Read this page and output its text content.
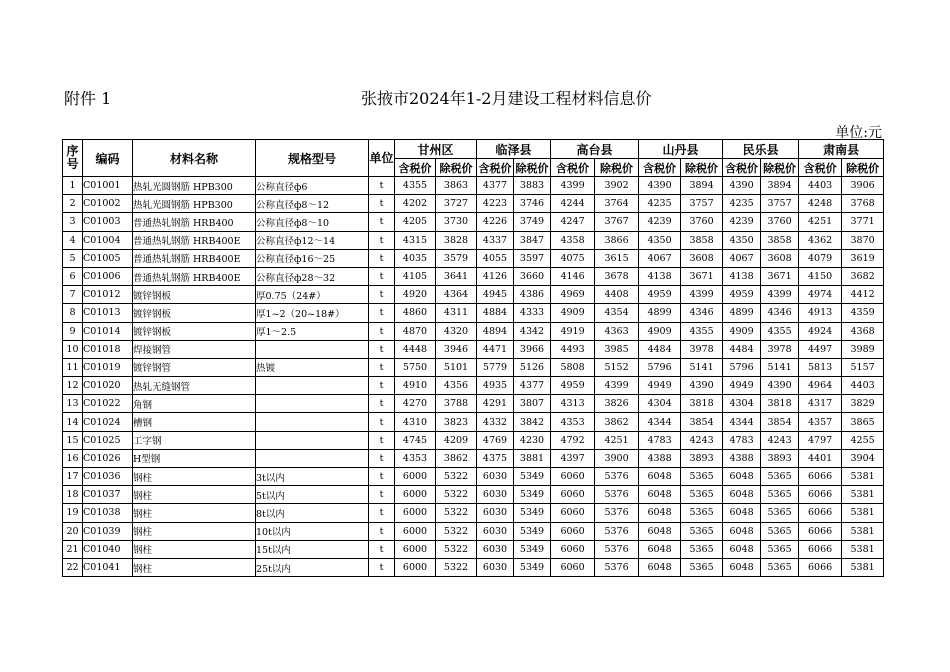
附件 1	张掖市2024年1-2月建设工程材料信息价
单位:元
序号	编码	材料名称	规格型号	单位	甘州区		临泽县		高台县		山丹县		民乐县		肃南县	
					含税价	除税价	含税价	除税价	含税价	除税价	含税价	除税价	含税价	除税价	含税价	除税价
1	C01001	热轧光圆钢筋 HPB300	公称直径ф6	t	4355	3863	4377	3883	4399	3902	4390	3894	4390	3894	4403	3906
2	C01002	热轧光圆钢筋 HPB300	公称直径ф8～12	t	4202	3727	4223	3746	4244	3764	4235	3757	4235	3757	4248	3768
3	C01003	普通热轧钢筋 HRB400	公称直径ф8～10	t	4205	3730	4226	3749	4247	3767	4239	3760	4239	3760	4251	3771
4	C01004	普通热轧钢筋 HRB400E	公称直径ф12～14	t	4315	3828	4337	3847	4358	3866	4350	3858	4350	3858	4362	3870
5	C01005	普通热轧钢筋 HRB400E	公称直径ф16～25	t	4035	3579	4055	3597	4075	3615	4067	3608	4067	3608	4079	3619
6	C01006	普通热轧钢筋 HRB400E	公称直径ф28～32	t	4105	3641	4126	3660	4146	3678	4138	3671	4138	3671	4150	3682
7	C01012	镀锌钢板	厚0.75（24#）	t	4920	4364	4945	4386	4969	4408	4959	4399	4959	4399	4974	4412
8	C01013	镀锌钢板	厚1~2（20~18#）	t	4860	4311	4884	4333	4909	4354	4899	4346	4899	4346	4913	4359
9	C01014	镀锌钢板	厚1～2.5	t	4870	4320	4894	4342	4919	4363	4909	4355	4909	4355	4924	4368
10	C01018	焊接钢管		t	4448	3946	4471	3966	4493	3985	4484	3978	4484	3978	4497	3989
11	C01019	镀锌钢管	热镀	t	5750	5101	5779	5126	5808	5152	5796	5141	5796	5141	5813	5157
12	C01020	热轧无缝钢管		t	4910	4356	4935	4377	4959	4399	4949	4390	4949	4390	4964	4403
13	C01022	角钢		t	4270	3788	4291	3807	4313	3826	4304	3818	4304	3818	4317	3829
14	C01024	槽钢		t	4310	3823	4332	3842	4353	3862	4344	3854	4344	3854	4357	3865
15	C01025	工字钢		t	4745	4209	4769	4230	4792	4251	4783	4243	4783	4243	4797	4255
16	C01026	H型钢		t	4353	3862	4375	3881	4397	3900	4388	3893	4388	3893	4401	3904
17	C01036	钢柱	3t以内	t	6000	5322	6030	5349	6060	5376	6048	5365	6048	5365	6066	5381
18	C01037	钢柱	5t以内	t	6000	5322	6030	5349	6060	5376	6048	5365	6048	5365	6066	5381
19	C01038	钢柱	8t以内	t	6000	5322	6030	5349	6060	5376	6048	5365	6048	5365	6066	5381
20	C01039	钢柱	10t以内	t	6000	5322	6030	5349	6060	5376	6048	5365	6048	5365	6066	5381
21	C01040	钢柱	15t以内	t	6000	5322	6030	5349	6060	5376	6048	5365	6048	5365	6066	5381
22	C01041	钢柱	25t以内	t	6000	5322	6030	5349	6060	5376	6048	5365	6048	5365	6066	5381
